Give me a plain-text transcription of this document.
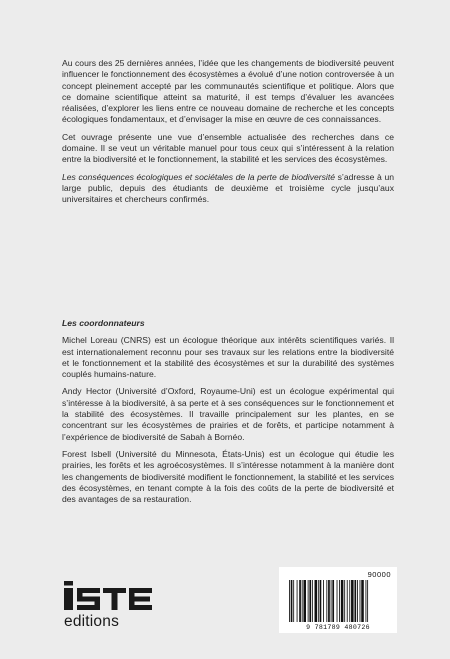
Au cours des 25 dernières années, l’idée que les changements de biodiversité peuvent influencer le fonctionnement des écosystèmes a évolué d’une notion controversée à un concept pleinement accepté par les communautés scientifique et politique. Alors que ce domaine scientifique atteint sa maturité, il est temps d’évaluer les avancées réalisées, d’explorer les liens entre ce nouveau domaine de recherche et les concepts écologiques fondamentaux, et d’envisager la mise en œuvre de ces connaissances.

Cet ouvrage présente une vue d’ensemble actualisée des recherches dans ce domaine. Il se veut un véritable manuel pour tous ceux qui s’intéressent à la relation entre la biodiversité et le fonctionnement, la stabilité et les services des écosystèmes.

Les conséquences écologiques et sociétales de la perte de biodiversité s’adresse à un large public, depuis des étudiants de deuxième et troisième cycle jusqu’aux universitaires et chercheurs confirmés.

Les coordonnateurs

Michel Loreau (CNRS) est un écologue théorique aux intérêts scientifiques variés. Il est internationalement reconnu pour ses travaux sur les relations entre la biodiversité et le fonctionnement et la stabilité des écosystèmes et sur la durabilité des systèmes couplés humains-nature.

Andy Hector (Université d’Oxford, Royaume-Uni) est un écologue expérimental qui s’intéresse à la biodiversité, à sa perte et à ses conséquences sur le fonctionnement et la stabilité des écosystèmes. Il travaille principalement sur les plantes, en se concentrant sur les écosystèmes de prairies et de forêts, et participe notamment à l’expérience de biodiversité de Sabah à Bornéo.

Forest Isbell (Université du Minnesota, États-Unis) est un écologue qui étudie les prairies, les forêts et les agroécosystèmes. Il s’intéresse notamment à la manière dont les changements de biodiversité modifient le fonctionnement, la stabilité et les services des écosystèmes, en tenant compte à la fois des coûts de la perte de biodiversité et des avantages de sa restauration.

editions
90000
9 781789 480726
